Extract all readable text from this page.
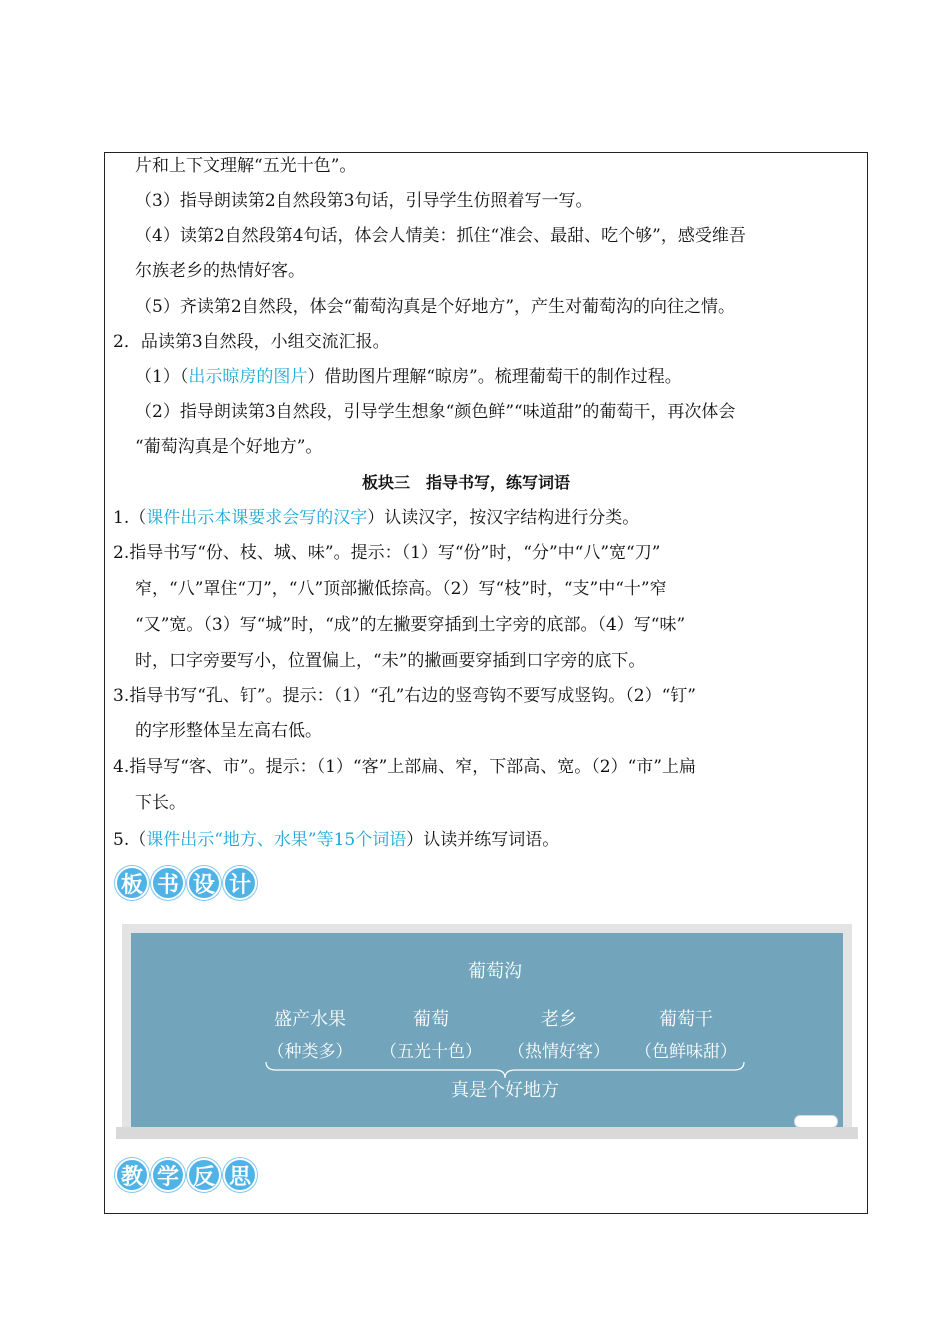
片和上下文理解“五光十色”。
（3）指导朗读第2自然段第3句话，引导学生仿照着写一写。
（4）读第2自然段第4句话，体会人情美：抓住“准会、最甜、吃个够”，感受维吾
尔族老乡的热情好客。
（5）齐读第2自然段，体会“葡萄沟真是个好地方”，产生对葡萄沟的向往之情。
2．品读第3自然段，小组交流汇报。
（1）（出示晾房的图片）借助图片理解“晾房”。梳理葡萄干的制作过程。
（2）指导朗读第3自然段，引导学生想象“颜色鲜”“味道甜”的葡萄干，再次体会
“葡萄沟真是个好地方”。
板块三　指导书写，练写词语
1.（课件出示本课要求会写的汉字）认读汉字，按汉字结构进行分类。
2.指导书写“份、枝、城、味”。提示：（1）写“份”时，“分”中“八”宽“刀”
窄，“八”罩住“刀”，“八”顶部撇低捺高。（2）写“枝”时，“支”中“十”窄
“又”宽。（3）写“城”时，“成”的左撇要穿插到土字旁的底部。（4）写“味”
时，口字旁要写小，位置偏上，“未”的撇画要穿插到口字旁的底下。
3.指导书写“孔、钉”。提示：（1）“孔”右边的竖弯钩不要写成竖钩。（2）“钉”
的字形整体呈左高右低。
4.指导写“客、市”。提示：（1）“客”上部扁、窄，下部高、宽。（2）“市”上扁
下长。
5.（课件出示“地方、水果”等15个词语）认读并练写词语。
板 书 设 计
葡萄沟
盛产水果
（种类多）
葡萄
（五光十色）
老乡
（热情好客）
葡萄干
（色鲜味甜）
真是个好地方
教 学 反 思
